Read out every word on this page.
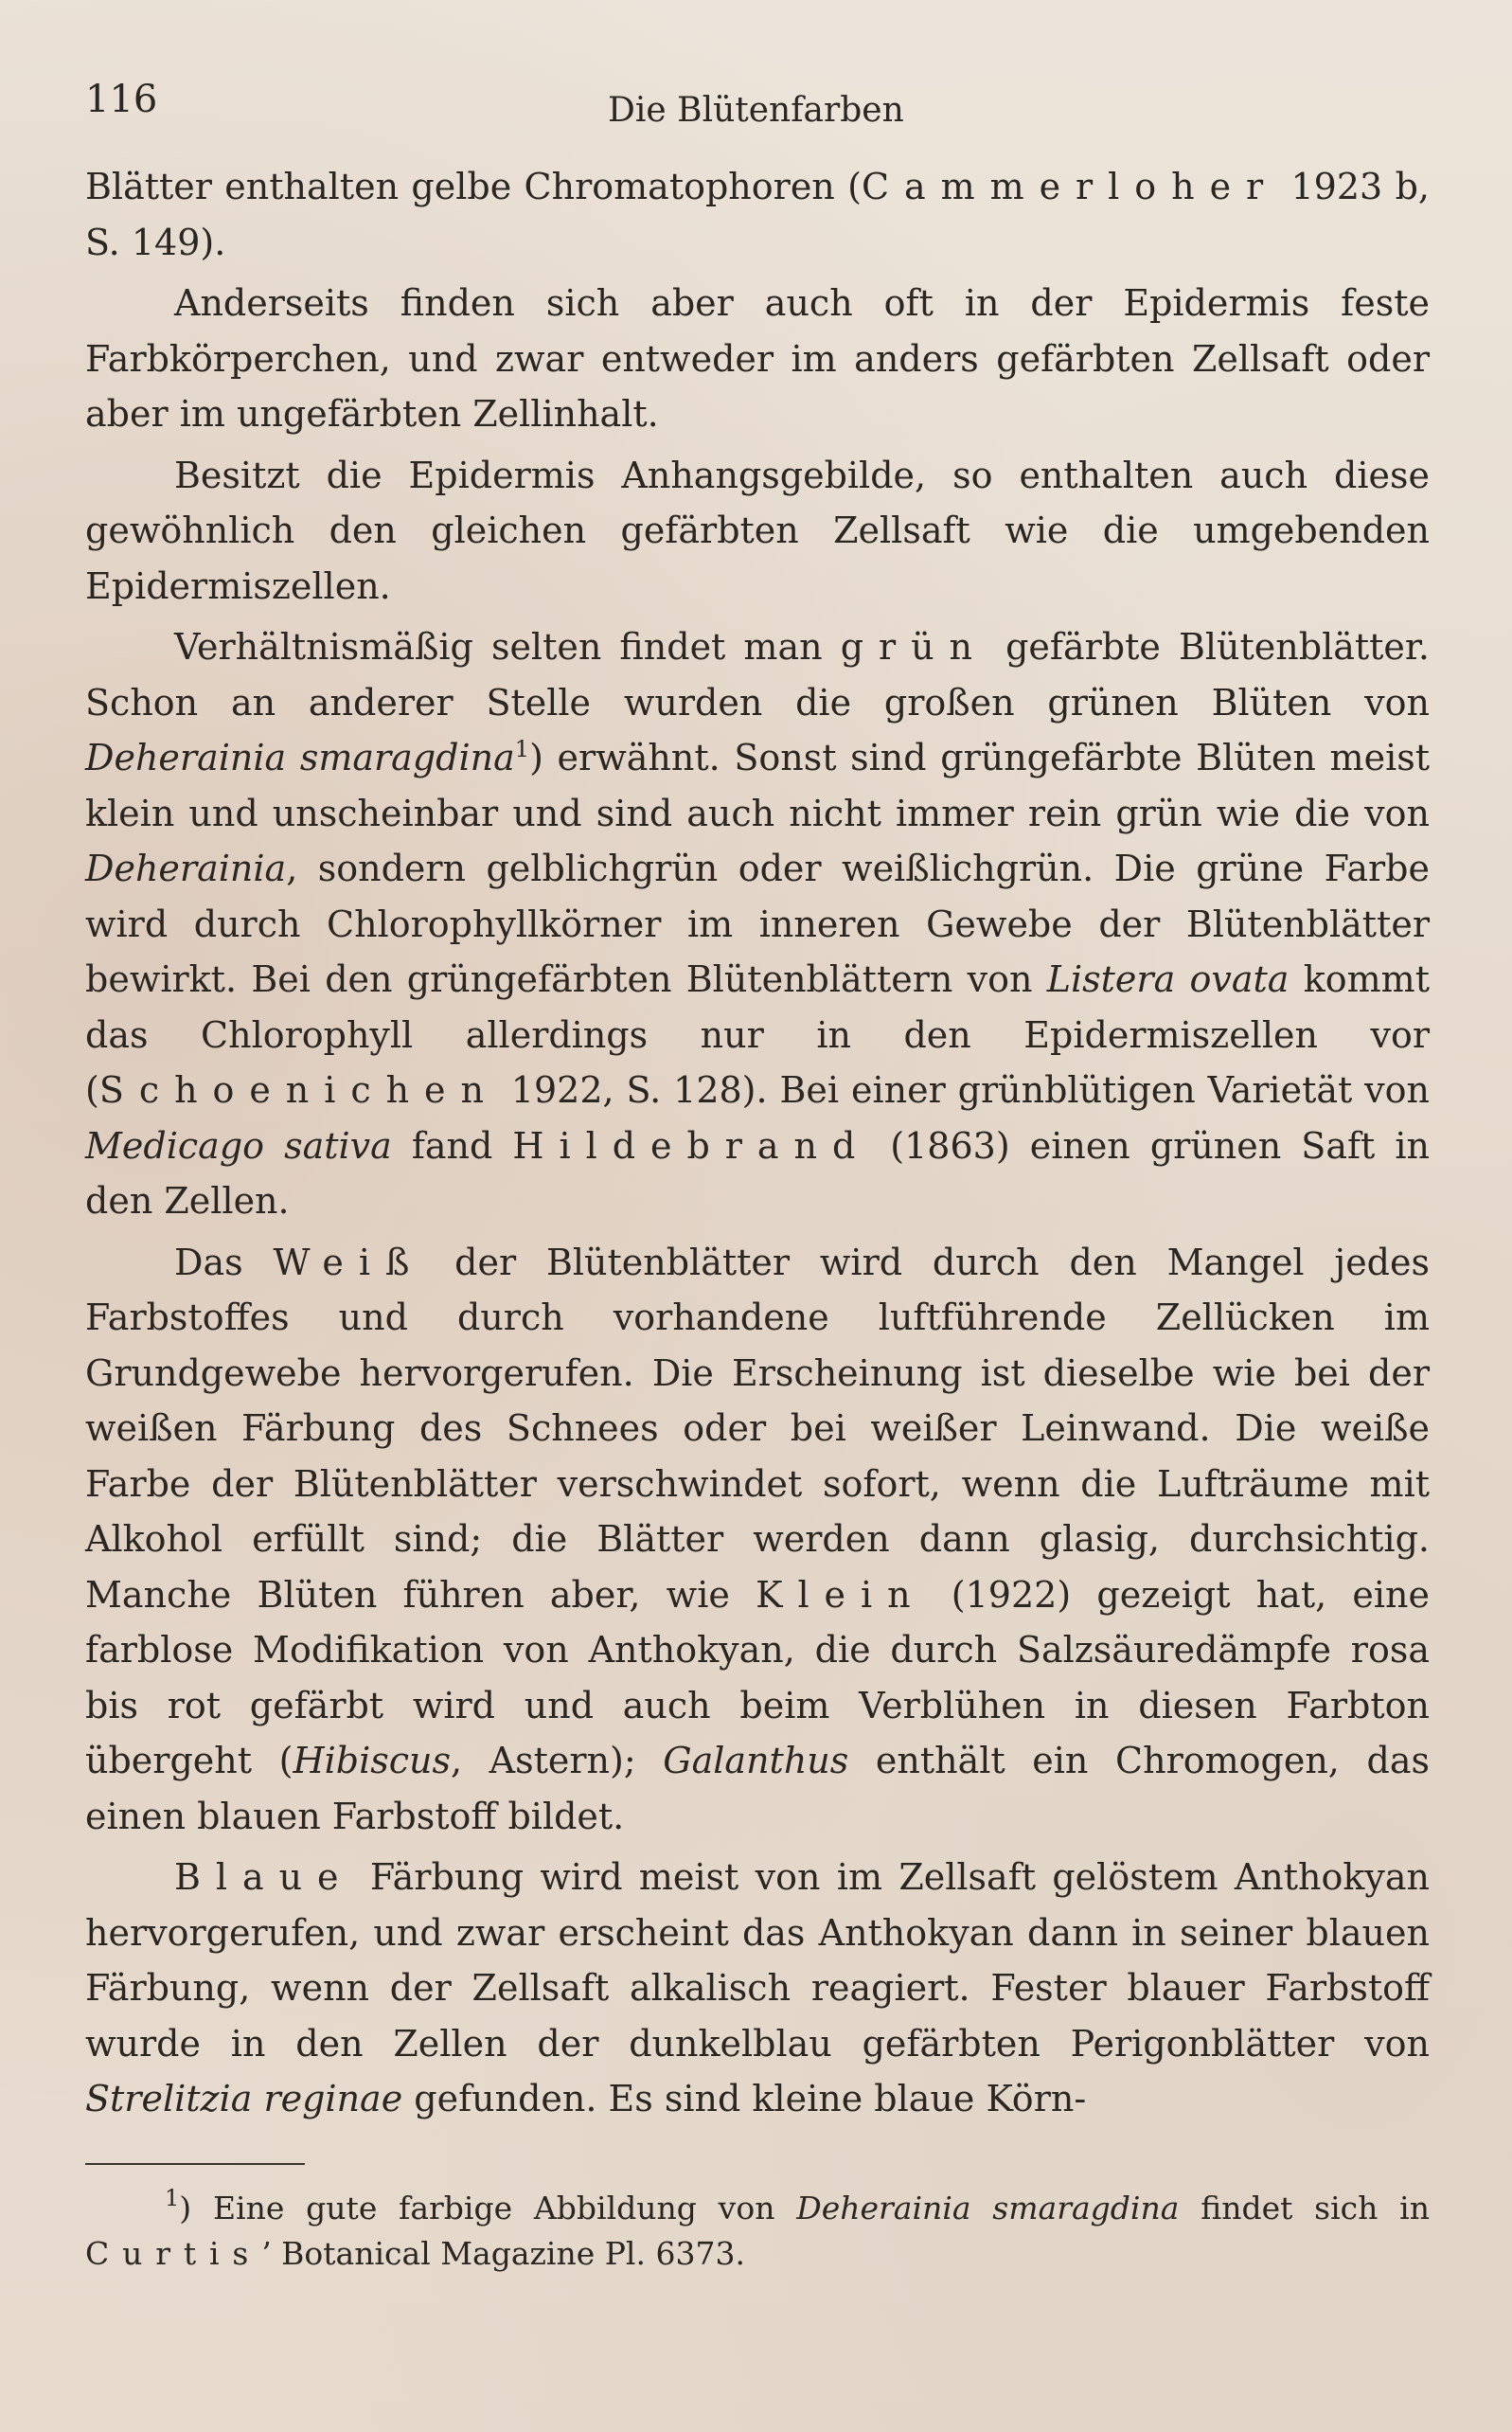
116	Die Blütenfarben

Blätter enthalten gelbe Chromatophoren (Cammerloher 1923 b, S. 149).

Anderseits finden sich aber auch oft in der Epidermis feste Farbkörperchen, und zwar entweder im anders gefärbten Zellsaft oder aber im ungefärbten Zellinhalt.

Besitzt die Epidermis Anhangsgebilde, so enthalten auch diese gewöhnlich den gleichen gefärbten Zellsaft wie die umgebenden Epidermiszellen.

Verhältnismäßig selten findet man grün gefärbte Blütenblätter. Schon an anderer Stelle wurden die großen grünen Blüten von Deherainia smaragdina$^1$) erwähnt. Sonst sind grüngefärbte Blüten meist klein und unscheinbar und sind auch nicht immer rein grün wie die von Deherainia, sondern gelblichgrün oder weißlichgrün. Die grüne Farbe wird durch Chlorophyllkörner im inneren Gewebe der Blütenblätter bewirkt. Bei den grüngefärbten Blütenblättern von Listera ovata kommt das Chlorophyll allerdings nur in den Epidermiszellen vor (Schoenichen 1922, S. 128). Bei einer grünblütigen Varietät von Medicago sativa fand Hildebrand (1863) einen grünen Saft in den Zellen.

Das Weiß der Blütenblätter wird durch den Mangel jedes Farbstoffes und durch vorhandene luftführende Zellücken im Grundgewebe hervorgerufen. Die Erscheinung ist dieselbe wie bei der weißen Färbung des Schnees oder bei weißer Leinwand. Die weiße Farbe der Blütenblätter verschwindet sofort, wenn die Lufträume mit Alkohol erfüllt sind; die Blätter werden dann glasig, durchsichtig. Manche Blüten führen aber, wie Klein (1922) gezeigt hat, eine farblose Modifikation von Anthokyan, die durch Salzsäuredämpfe rosa bis rot gefärbt wird und auch beim Verblühen in diesen Farbton übergeht (Hibiscus, Astern); Galanthus enthält ein Chromogen, das einen blauen Farbstoff bildet.

Blaue Färbung wird meist von im Zellsaft gelöstem Anthokyan hervorgerufen, und zwar erscheint das Anthokyan dann in seiner blauen Färbung, wenn der Zellsaft alkalisch reagiert. Fester blauer Farbstoff wurde in den Zellen der dunkelblau gefärbten Perigonblätter von Strelitzia reginae gefunden. Es sind kleine blaue Körn-

$^1$) Eine gute farbige Abbildung von Deherainia smaragdina findet sich in Curtis’ Botanical Magazine Pl. 6373.
